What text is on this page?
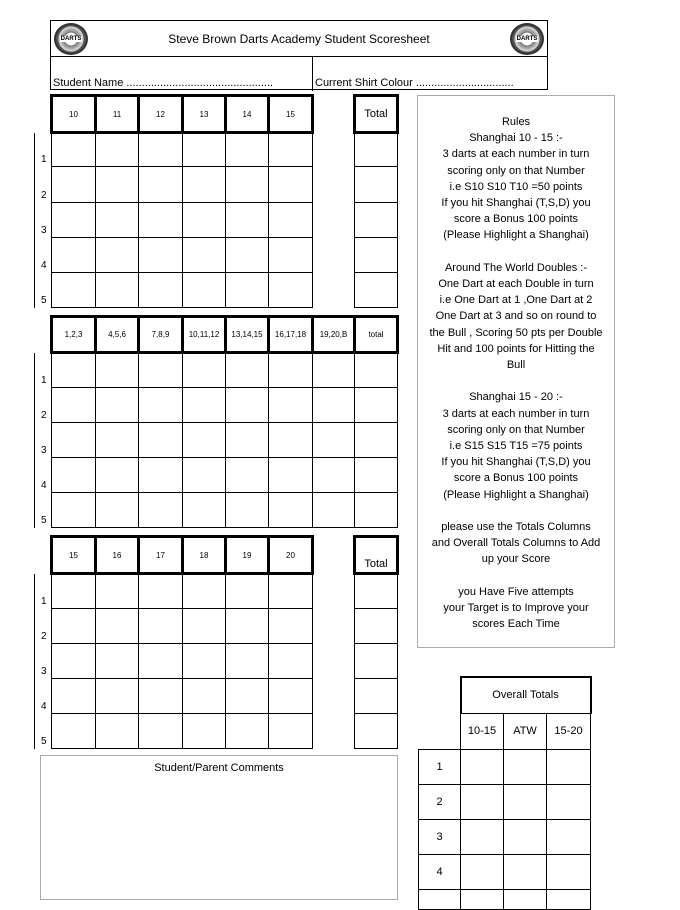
DARTS	Steve Brown Darts Academy Student Scoresheet	DARTS
Student Name ................................................	Current Shirt Colour ................................
	10	11	12	13	14	15		Total
1								
2								
3								
4								
5								
	1,2,3	4,5,6	7,8,9	10,11,12	13,14,15	16,17,18	19,20,B	total
1								
2								
3								
4								
5								
	15	16	17	18	19	20		Total
1								
2								
3								
4								
5								

Rules

Shanghai 10 - 15 :-

3 darts at each number in turn

scoring only on that Number

i.e S10 S10 T10 =50 points

If you hit Shanghai (T,S,D) you

score a Bonus 100 points

(Please Highlight a Shanghai)

Around The World Doubles :-

One Dart at each Double in turn

i.e One Dart at 1 ,One Dart at 2

One Dart at 3 and so on round to

the Bull , Scoring 50 pts per Double

Hit and 100 points for Hitting the

Bull

Shanghai 15 - 20 :-

3 darts at each number in turn

scoring only on that Number

i.e S15 S15 T15 =75 points

If you hit Shanghai (T,S,D) you

score a Bonus 100 points

(Please Highlight a Shanghai)

please use the Totals Columns

and Overall Totals Columns to Add

up your Score

you Have Five attempts

your Target is to Improve your

scores Each Time

Student/Parent Comments
	Overall Totals		
	10-15	ATW	15-20
1			
2			
3			
4			
